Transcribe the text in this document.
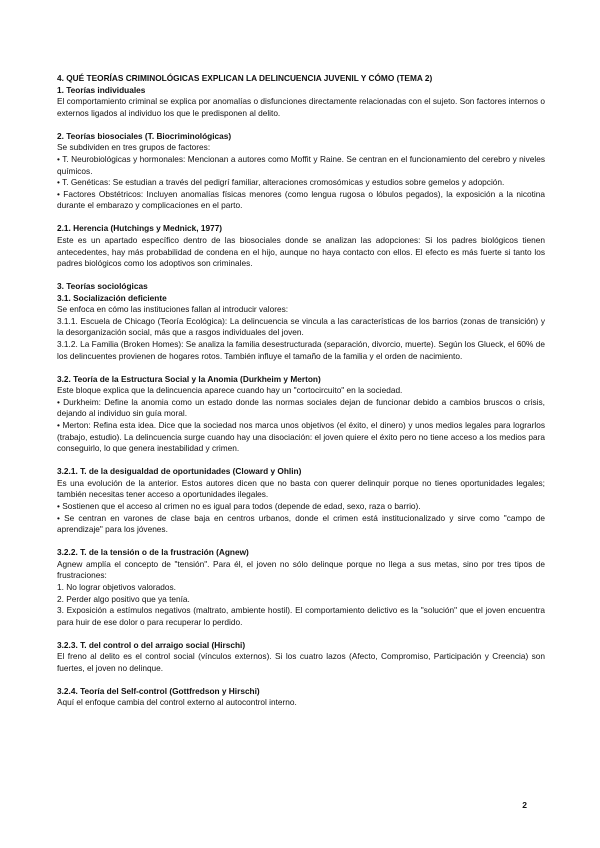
4. QUÉ TEORÍAS CRIMINOLÓGICAS EXPLICAN LA DELINCUENCIA JUVENIL Y CÓMO (TEMA 2)

1. Teorías individuales

El comportamiento criminal se explica por anomalías o disfunciones directamente relacionadas con el sujeto. Son factores internos o externos ligados al individuo los que le predisponen al delito.

2. Teorías biosociales (T. Biocriminológicas)

Se subdividen en tres grupos de factores:

• T. Neurobiológicas y hormonales: Mencionan a autores como Moffit y Raine. Se centran en el funcionamiento del cerebro y niveles químicos.

• T. Genéticas: Se estudian a través del pedigrí familiar, alteraciones cromosómicas y estudios sobre gemelos y adopción.

• Factores Obstétricos: Incluyen anomalías físicas menores (como lengua rugosa o lóbulos pegados), la exposición a la nicotina durante el embarazo y complicaciones en el parto.

2.1. Herencia (Hutchings y Mednick, 1977)

Este es un apartado específico dentro de las biosociales donde se analizan las adopciones: Si los padres biológicos tienen antecedentes, hay más probabilidad de condena en el hijo, aunque no haya contacto con ellos. El efecto es más fuerte si tanto los padres biológicos como los adoptivos son criminales.

3. Teorías sociológicas

3.1. Socialización deficiente

Se enfoca en cómo las instituciones fallan al introducir valores:

3.1.1. Escuela de Chicago (Teoría Ecológica): La delincuencia se vincula a las características de los barrios (zonas de transición) y la desorganización social, más que a rasgos individuales del joven.

3.1.2. La Familia (Broken Homes): Se analiza la familia desestructurada (separación, divorcio, muerte). Según los Glueck, el 60% de los delincuentes provienen de hogares rotos. También influye el tamaño de la familia y el orden de nacimiento.

3.2. Teoría de la Estructura Social y la Anomia (Durkheim y Merton)

Este bloque explica que la delincuencia aparece cuando hay un "cortocircuito" en la sociedad.

• Durkheim: Define la anomia como un estado donde las normas sociales dejan de funcionar debido a cambios bruscos o crisis, dejando al individuo sin guía moral.

• Merton: Refina esta idea. Dice que la sociedad nos marca unos objetivos (el éxito, el dinero) y unos medios legales para lograrlos (trabajo, estudio). La delincuencia surge cuando hay una disociación: el joven quiere el éxito pero no tiene acceso a los medios para conseguirlo, lo que genera inestabilidad y crimen.

3.2.1. T. de la desigualdad de oportunidades (Cloward y Ohlin)

Es una evolución de la anterior. Estos autores dicen que no basta con querer delinquir porque no tienes oportunidades legales; también necesitas tener acceso a oportunidades ilegales.

• Sostienen que el acceso al crimen no es igual para todos (depende de edad, sexo, raza o barrio).

• Se centran en varones de clase baja en centros urbanos, donde el crimen está institucionalizado y sirve como "campo de aprendizaje" para los jóvenes.

3.2.2. T. de la tensión o de la frustración (Agnew)

Agnew amplía el concepto de "tensión". Para él, el joven no sólo delinque porque no llega a sus metas, sino por tres tipos de frustraciones:

1. No lograr objetivos valorados.

2. Perder algo positivo que ya tenía.

3. Exposición a estímulos negativos (maltrato, ambiente hostil). El comportamiento delictivo es la "solución" que el joven encuentra para huir de ese dolor o para recuperar lo perdido.

3.2.3. T. del control o del arraigo social (Hirschi)

El freno al delito es el control social (vínculos externos). Si los cuatro lazos (Afecto, Compromiso, Participación y Creencia) son fuertes, el joven no delinque.

3.2.4. Teoría del Self-control (Gottfredson y Hirschi)

Aquí el enfoque cambia del control externo al autocontrol interno.

2
